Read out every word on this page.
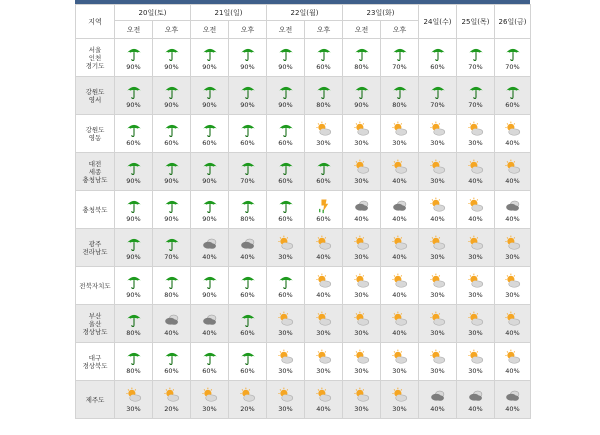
지역	20일(토)		21일(일)		22일(월)		23일(화)		24일(수)	25일(목)	26일(금)
	오전	오후	오전	오후	오전	오후	오전	오후			

서울
인천
경기도	90%	90%	90%	90%	90%	60%	80%	70%	60%	70%	70%

강원도
영서	90%	90%	90%	90%	90%	80%	90%	80%	70%	70%	60%

강원도
영동	60%	60%	60%	60%	60%	30%	30%	30%	30%	30%	40%

대전
세종
충청남도	90%	90%	90%	70%	60%	60%	30%	40%	30%	40%	40%

충청북도	90%	90%	90%	80%	60%	60%	40%	40%	40%	40%	40%

광주
전라남도	90%	70%	40%	40%	30%	40%	30%	40%	30%	30%	30%

전북자치도	90%	80%	90%	60%	60%	40%	30%	40%	30%	30%	30%

부산
울산
경상남도	80%	40%	40%	60%	30%	30%	30%	40%	30%	30%	40%

대구
경상북도	80%	60%	60%	60%	30%	30%	30%	30%	30%	30%	40%

제주도	30%	20%	30%	20%	30%	40%	30%	30%	40%	40%	40%
